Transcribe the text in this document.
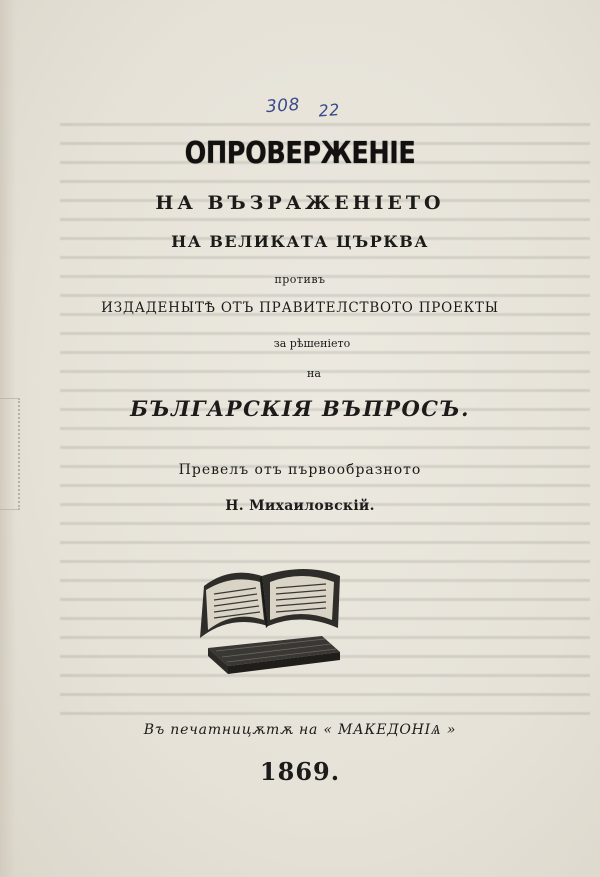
308 22
ОПРОВЕРЖЕНІЕ
НА ВЪЗРАЖЕНІЕТО
НА ВЕЛИКАТА ЦЪРКВА
противъ
ИЗДАДЕНЫТѢ ОТЪ ПРАВИТЕЛСТВОТО ПРОЕКТЫ
за рѣшеніето
на
БЪЛГАРСКІЯ ВЪПРОСЪ.
Превелъ отъ първообразното
Н. Михаиловскій.
Въ печатницѫтѫ на « МАКЕДОНІѦ »
1869.
